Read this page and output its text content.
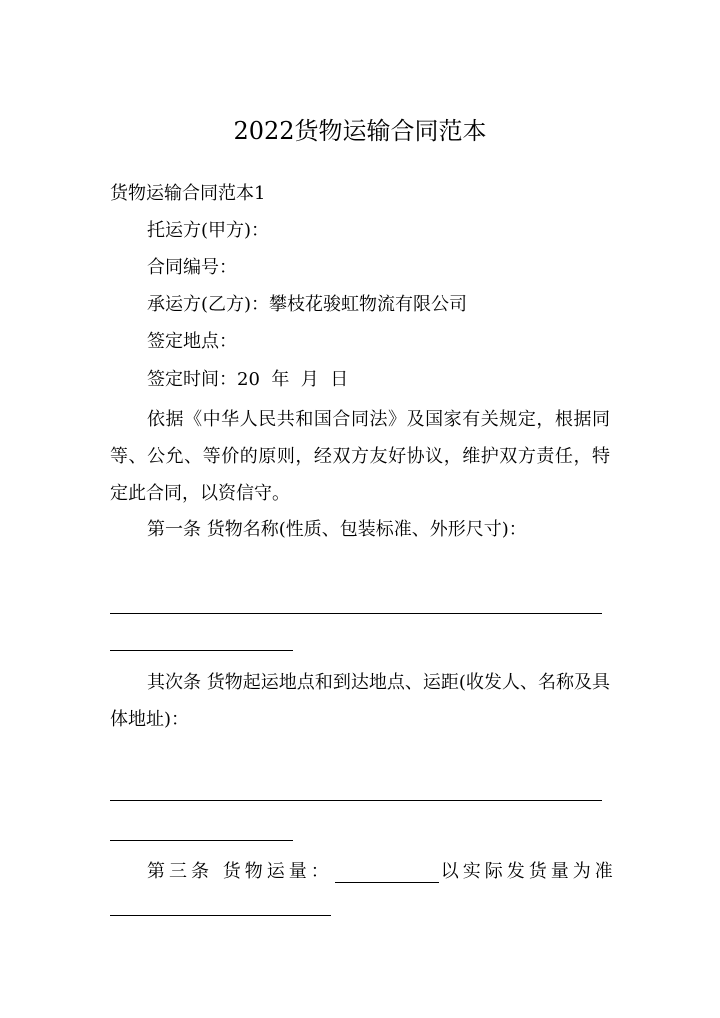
2022货物运输合同范本
货物运输合同范本1
托运方(甲方)：
合同编号：
承运方(乙方)：攀枝花骏虹物流有限公司
签定地点：
签定时间：20  年  月  日
依据《中华人民共和国合同法》及国家有关规定，根据同等、公允、等价的原则，经双方友好协议，维护双方责任，特定此合同，以资信守。
第一条 货物名称(性质、包装标准、外形尺寸)：
其次条 货物起运地点和到达地点、运距(收发人、名称及具体地址)：
第三条 货物运量：	以实际发货量为准
